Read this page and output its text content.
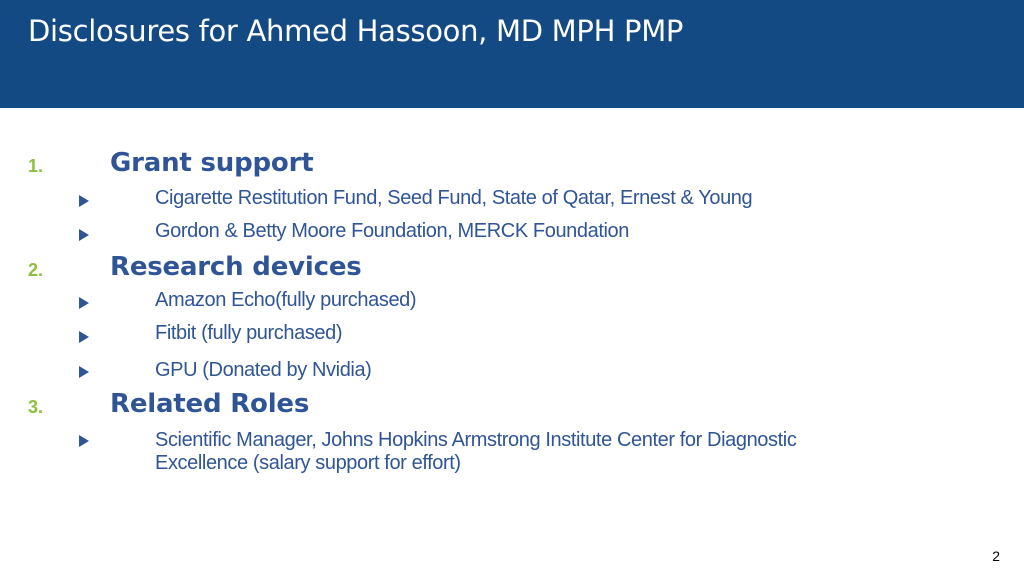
Disclosures for Ahmed Hassoon, MD MPH PMP
1.	Grant support
Cigarette Restitution Fund, Seed Fund, State of Qatar, Ernest & Young
Gordon & Betty Moore Foundation, MERCK Foundation
2.	Research devices
Amazon Echo(fully purchased)
Fitbit (fully purchased)
GPU (Donated by Nvidia)
3.	Related Roles
Scientific Manager, Johns Hopkins Armstrong Institute Center for Diagnostic
Excellence (salary support for effort)
2
